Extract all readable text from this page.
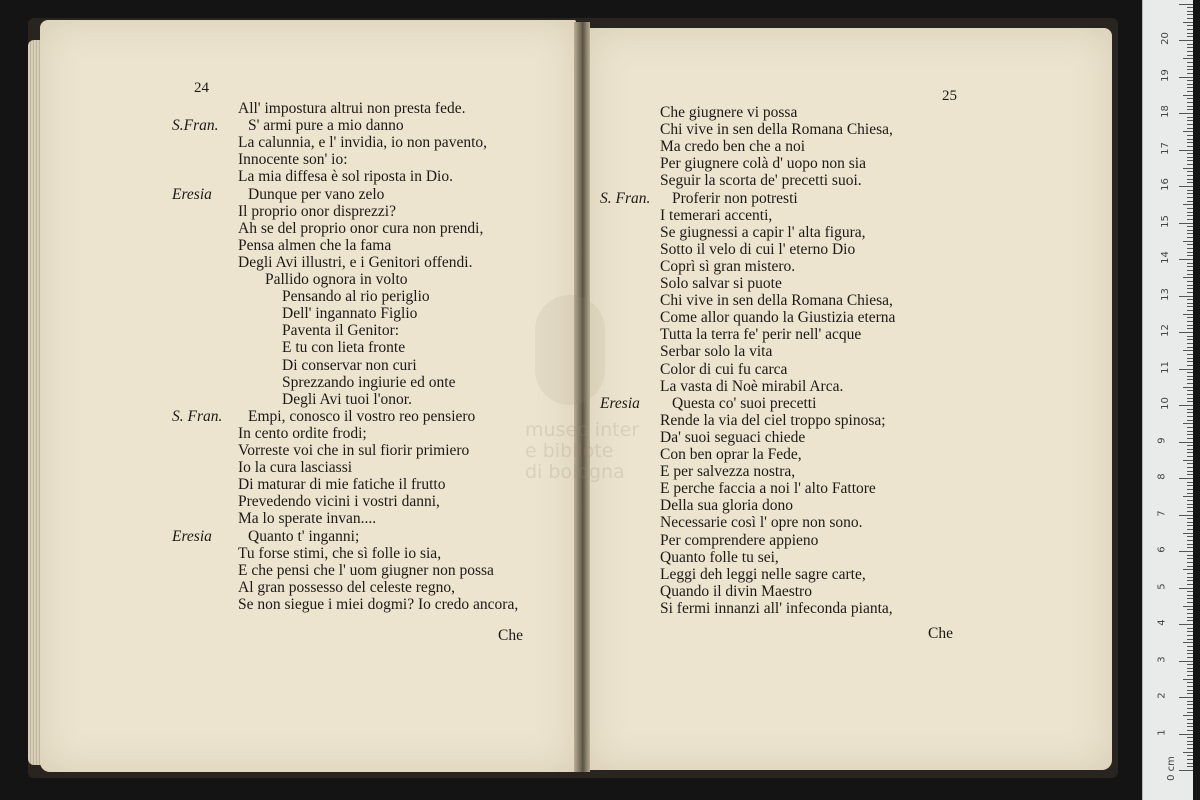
museo inter
e bibliote
di bologna
24	25
All' impostura altrui non presta fede.
S.Fran. S' armi pure a mio danno
La calunnia, e l' invidia, io non pavento,
Innocente son' io:
La mia diffesa è sol riposta in Dio.
Eresia Dunque per vano zelo
Il proprio onor disprezzi?
Ah se del proprio onor cura non prendi,
Pensa almen che la fama
Degli Avi illustri, e i Genitori offendi.
Pallido ognora in volto
Pensando al rio periglio
Dell' ingannato Figlio
Paventa il Genitor:
E tu con lieta fronte
Di conservar non curi
Sprezzando ingiurie ed onte
Degli Avi tuoi l'onor.
S. Fran. Empi, conosco il vostro reo pensiero
In cento ordite frodi;
Vorreste voi che in sul fiorir primiero
Io la cura lasciassi
Di maturar di mie fatiche il frutto
Prevedendo vicini i vostri danni,
Ma lo sperate invan....
Eresia Quanto t' inganni;
Tu forse stimi, che sì folle io sia,
E che pensi che l' uom giugner non possa
Al gran possesso del celeste regno,
Se non siegue i miei dogmi? Io credo ancora,
Che giugnere vi possa
Chi vive in sen della Romana Chiesa,
Ma credo ben che a noi
Per giugnere colà d' uopo non sia
Seguir la scorta de' precetti suoi.
S. Fran. Proferir non potresti
I temerari accenti,
Se giugnessi a capir l' alta figura,
Sotto il velo di cui l' eterno Dio
Coprì sì gran mistero.
Solo salvar si puote
Chi vive in sen della Romana Chiesa,
Come allor quando la Giustizia eterna
Tutta la terra fe' perir nell' acque
Serbar solo la vita
Color di cui fu carca
La vasta di Noè mirabil Arca.
Eresia Questa co' suoi precetti
Rende la via del ciel troppo spinosa;
Da' suoi seguaci chiede
Con ben oprar la Fede,
E per salvezza nostra,
E perche faccia a noi l' alto Fattore
Della sua gloria dono
Necessarie così l' opre non sono.
Per comprendere appieno
Quanto folle tu sei,
Leggi deh leggi nelle sagre carte,
Quando il divin Maestro
Si fermi innanzi all' infeconda pianta,
Che	Che
0 cm
1
2
3
4
5
6
7
8
9
10
11
12
13
14
15
16
17
18
19
20
